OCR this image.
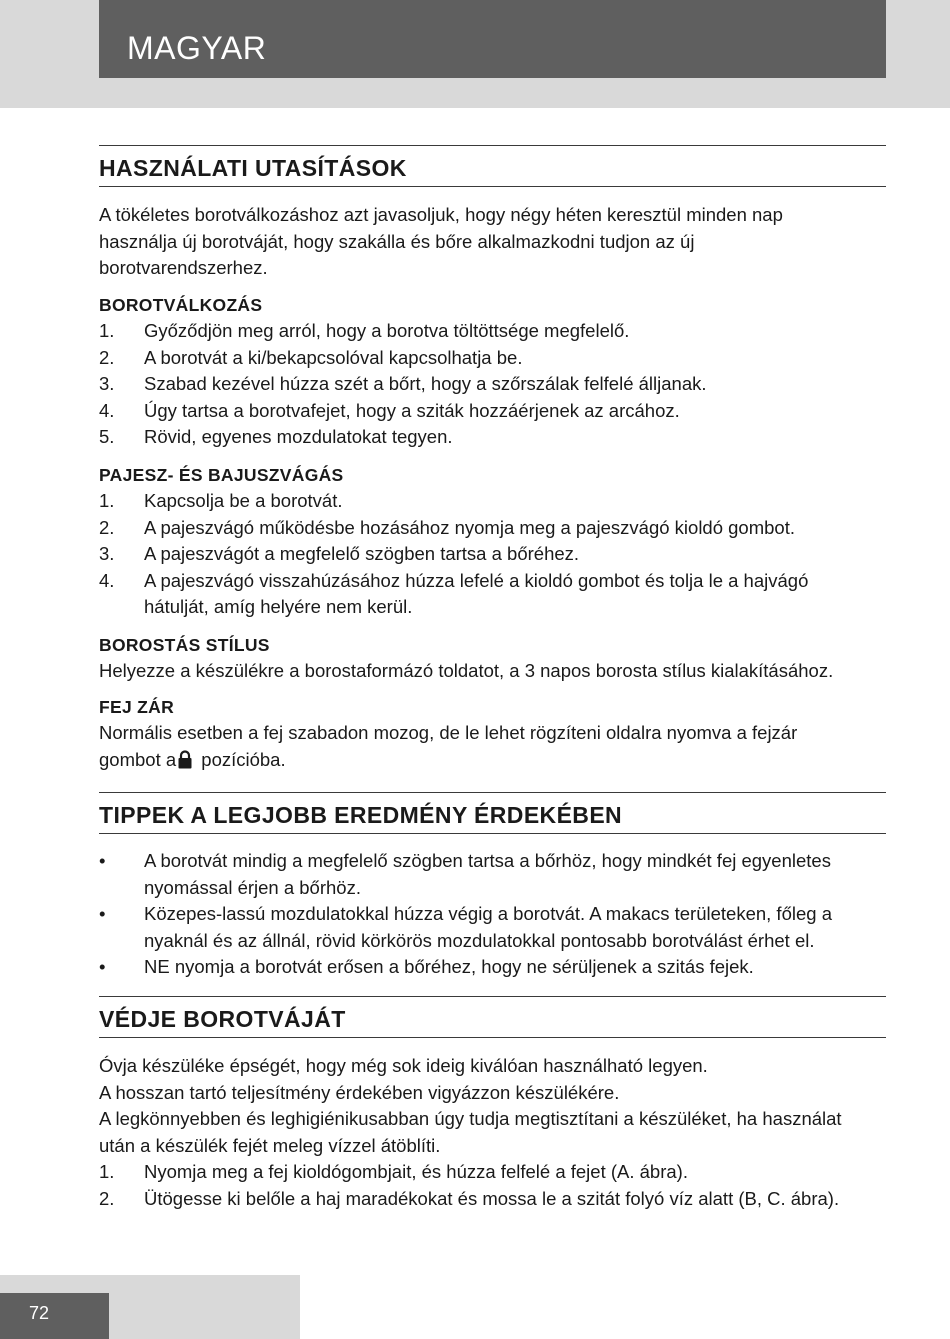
MAGYAR
HASZNÁLATI UTASÍTÁSOK

A tökéletes borotválkozáshoz azt javasoljuk, hogy négy héten keresztül minden nap

használja új borotváját, hogy szakálla és bőre alkalmazkodni tudjon az új

borotvarendszerhez.

BOROTVÁLKOZÁS

1.	Győződjön meg arról, hogy a borotva töltöttsége megfelelő.
2.	A borotvát a ki/bekapcsolóval kapcsolhatja be.
3.	Szabad kezével húzza szét a bőrt, hogy a szőrszálak felfelé álljanak.
4.	Úgy tartsa a borotvafejet, hogy a sziták hozzáérjenek az arcához.
5.	Rövid, egyenes mozdulatokat tegyen.

PAJESZ- ÉS BAJUSZVÁGÁS

1.	Kapcsolja be a borotvát.
2.	A pajeszvágó működésbe hozásához nyomja meg a pajeszvágó kioldó gombot.
3.	A pajeszvágót a megfelelő szögben tartsa a bőréhez.
4.	A pajeszvágó visszahúzásához húzza lefelé a kioldó gombot és tolja le a hajvágó
hátulját, amíg helyére nem kerül.

BOROSTÁS STÍLUS

Helyezze a készülékre a borostaformázó toldatot, a 3 napos borosta stílus kialakításához.

FEJ ZÁR

Normális esetben a fej szabadon mozog, de le lehet rögzíteni oldalra nyomva a fejzár

gombot a pozícióba.

TIPPEK A LEGJOBB EREDMÉNY ÉRDEKÉBEN
•	A borotvát mindig a megfelelő szögben tartsa a bőrhöz, hogy mindkét fej egyenletes
nyomással érjen a bőrhöz.
•	Közepes-lassú mozdulatokkal húzza végig a borotvát. A makacs területeken, főleg a
nyaknál és az állnál, rövid körkörös mozdulatokkal pontosabb borotválást érhet el.
•	NE nyomja a borotvát erősen a bőréhez, hogy ne sérüljenek a szitás fejek.
VÉDJE BOROTVÁJÁT

Óvja készüléke épségét, hogy még sok ideig kiválóan használható legyen.

A hosszan tartó teljesítmény érdekében vigyázzon készülékére.

A legkönnyebben és leghigiénikusabban úgy tudja megtisztítani a készüléket, ha használat

után a készülék fejét meleg vízzel átöblíti.

1.	Nyomja meg a fej kioldógombjait, és húzza felfelé a fejet (A. ábra).
2.	Ütögesse ki belőle a haj maradékokat és mossa le a szitát folyó víz alatt (B, C. ábra).
72
